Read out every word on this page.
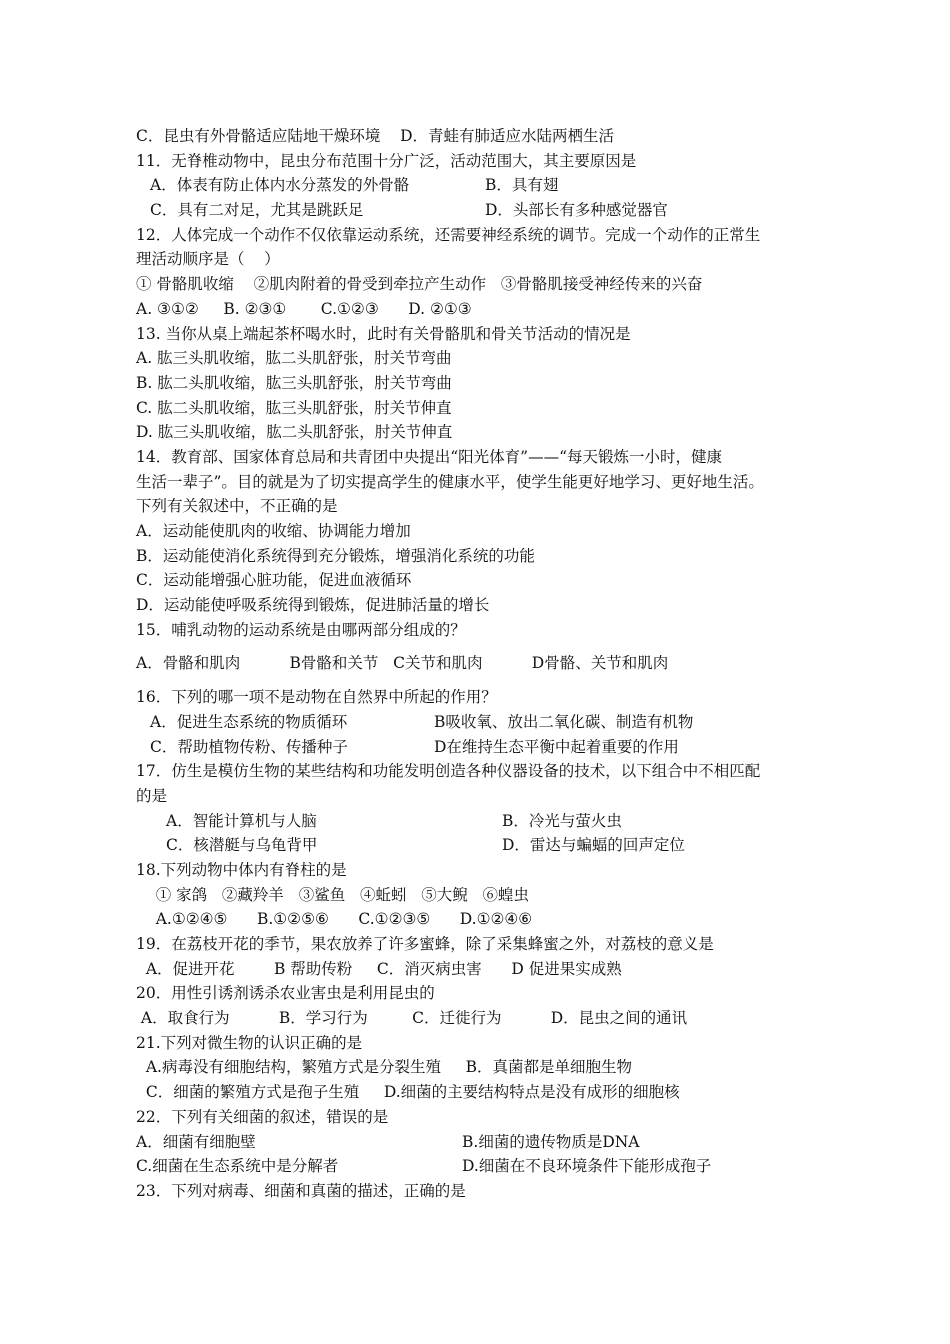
C．昆虫有外骨骼适应陆地干燥环境    D．青蛙有肺适应水陆两栖生活
11．无脊椎动物中，昆虫分布范围十分广泛，活动范围大，其主要原因是

A．体表有防止体内水分蒸发的外骨骼

	B．具有翅

C．具有二对足，尤其是跳跃足

	D．头部长有多种感觉器官

12．人体完成一个动作不仅依靠运动系统，还需要神经系统的调节。完成一个动作的正常生
理活动顺序是（    ）
① 骨骼肌收缩    ②肌肉附着的骨受到牵拉产生动作   ③骨骼肌接受神经传来的兴奋
A. ③①②     B. ②③①       C.①②③      D. ②①③
13. 当你从桌上端起茶杯喝水时，此时有关骨骼肌和骨关节活动的情况是
A. 肱三头肌收缩，肱二头肌舒张，肘关节弯曲
B. 肱二头肌收缩，肱三头肌舒张，肘关节弯曲
C. 肱二头肌收缩，肱三头肌舒张，肘关节伸直
D. 肱三头肌收缩，肱二头肌舒张，肘关节伸直
14．教育部、国家体育总局和共青团中央提出“阳光体育”——“每天锻炼一小时，健康
生活一辈子”。目的就是为了切实提高学生的健康水平，使学生能更好地学习、更好地生活。
下列有关叙述中，不正确的是
A．运动能使肌肉的收缩、协调能力增加
B．运动能使消化系统得到充分锻炼，增强消化系统的功能
C．运动能增强心脏功能，促进血液循环
D．运动能使呼吸系统得到锻炼，促进肺活量的增长
15．哺乳动物的运动系统是由哪两部分组成的？
A．骨骼和肌肉          B骨骼和关节   C关节和肌肉          D骨骼、关节和肌肉
16．下列的哪一项不是动物在自然界中所起的作用？

A．促进生态系统的物质循环

	B吸收氧、放出二氧化碳、制造有机物

C．帮助植物传粉、传播种子

	D在维持生态平衡中起着重要的作用

17．仿生是模仿生物的某些结构和功能发明创造各种仪器设备的技术，以下组合中不相匹配
的是

A．智能计算机与人脑

	B．冷光与萤火虫

C．核潜艇与乌龟背甲

	D．雷达与蝙蝠的回声定位

18.下列动物中体内有脊柱的是
① 家鸽   ②藏羚羊   ③鲨鱼   ④蚯蚓   ⑤大鲵   ⑥蝗虫
A.①②④⑤      B.①②⑤⑥      C.①②③⑤      D.①②④⑥
19．在荔枝开花的季节，果农放养了许多蜜蜂，除了采集蜂蜜之外，对荔枝的意义是
A．促进开花        B 帮助传粉     C．消灭病虫害      D 促进果实成熟
20．用性引诱剂诱杀农业害虫是利用昆虫的
A．取食行为          B．学习行为         C．迁徙行为          D．昆虫之间的通讯
21.下列对微生物的认识正确的是
A.病毒没有细胞结构，繁殖方式是分裂生殖     B．真菌都是单细胞生物
C．细菌的繁殖方式是孢子生殖     D.细菌的主要结构特点是没有成形的细胞核
22．下列有关细菌的叙述，错误的是

A．细菌有细胞壁

	B.细菌的遗传物质是DNA

C.细菌在生态系统中是分解者

	D.细菌在不良环境条件下能形成孢子

23．下列对病毒、细菌和真菌的描述，正确的是
